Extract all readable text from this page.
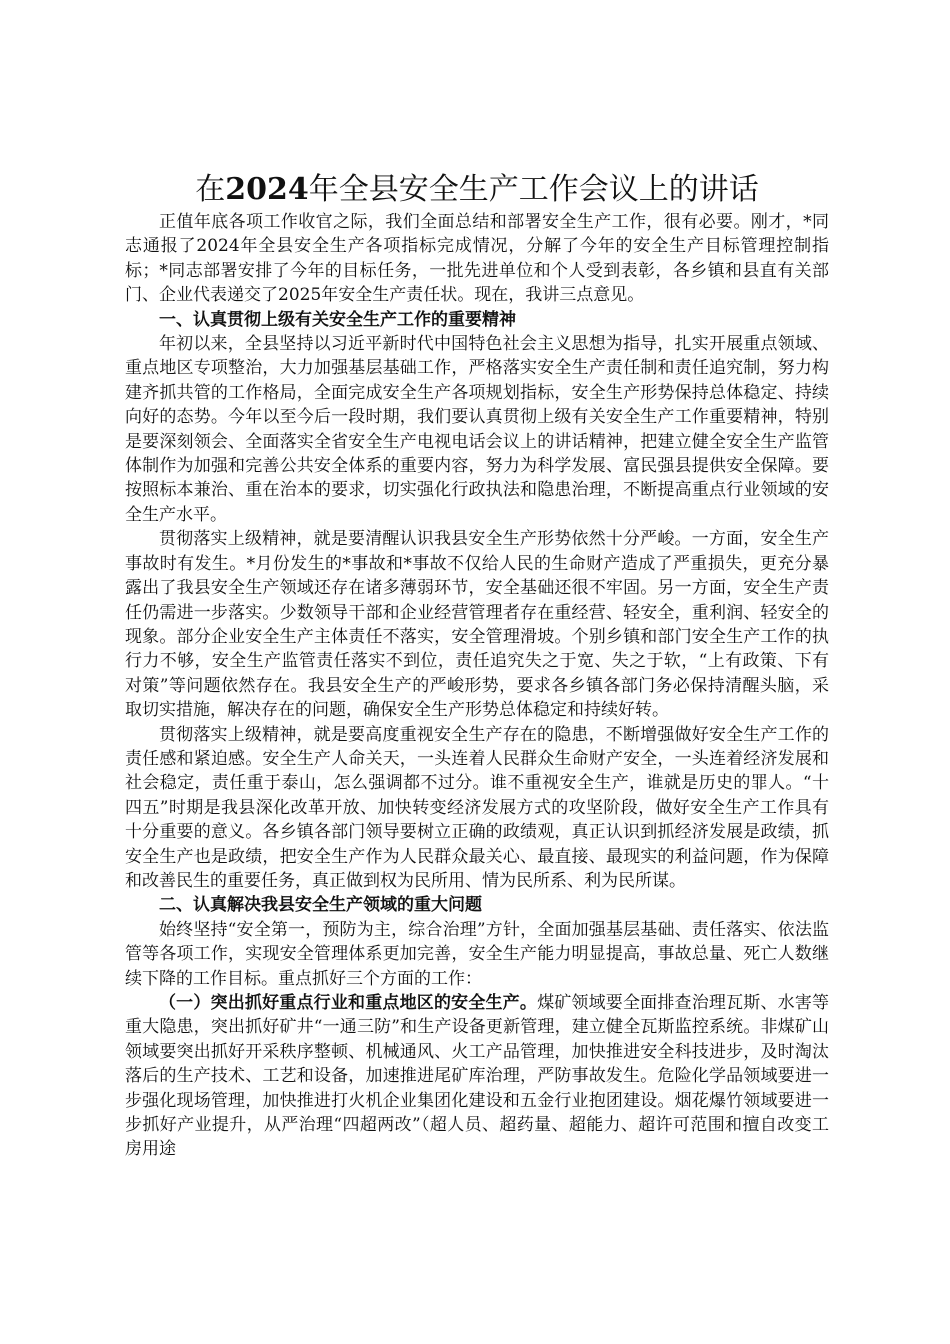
在2024年全县安全生产工作会议上的讲话

正值年底各项工作收官之际，我们全面总结和部署安全生产工作，很有必要。刚才，*同志通报了2024年全县安全生产各项指标完成情况，分解了今年的安全生产目标管理控制指标；*同志部署安排了今年的目标任务，一批先进单位和个人受到表彰，各乡镇和县直有关部门、企业代表递交了2025年安全生产责任状。现在，我讲三点意见。

一、认真贯彻上级有关安全生产工作的重要精神

年初以来，全县坚持以习近平新时代中国特色社会主义思想为指导，扎实开展重点领域、重点地区专项整治，大力加强基层基础工作，严格落实安全生产责任制和责任追究制，努力构建齐抓共管的工作格局，全面完成安全生产各项规划指标，安全生产形势保持总体稳定、持续向好的态势。今年以至今后一段时期，我们要认真贯彻上级有关安全生产工作重要精神，特别是要深刻领会、全面落实全省安全生产电视电话会议上的讲话精神，把建立健全安全生产监管体制作为加强和完善公共安全体系的重要内容，努力为科学发展、富民强县提供安全保障。要按照标本兼治、重在治本的要求，切实强化行政执法和隐患治理，不断提高重点行业领域的安全生产水平。

贯彻落实上级精神，就是要清醒认识我县安全生产形势依然十分严峻。一方面，安全生产事故时有发生。*月份发生的*事故和*事故不仅给人民的生命财产造成了严重损失，更充分暴露出了我县安全生产领域还存在诸多薄弱环节，安全基础还很不牢固。另一方面，安全生产责任仍需进一步落实。少数领导干部和企业经营管理者存在重经营、轻安全，重利润、轻安全的现象。部分企业安全生产主体责任不落实，安全管理滑坡。个别乡镇和部门安全生产工作的执行力不够，安全生产监管责任落实不到位，责任追究失之于宽、失之于软，“上有政策、下有对策”等问题依然存在。我县安全生产的严峻形势，要求各乡镇各部门务必保持清醒头脑，采取切实措施，解决存在的问题，确保安全生产形势总体稳定和持续好转。

贯彻落实上级精神，就是要高度重视安全生产存在的隐患，不断增强做好安全生产工作的责任感和紧迫感。安全生产人命关天，一头连着人民群众生命财产安全，一头连着经济发展和社会稳定，责任重于泰山，怎么强调都不过分。谁不重视安全生产，谁就是历史的罪人。“十四五”时期是我县深化改革开放、加快转变经济发展方式的攻坚阶段，做好安全生产工作具有十分重要的意义。各乡镇各部门领导要树立正确的政绩观，真正认识到抓经济发展是政绩，抓安全生产也是政绩，把安全生产作为人民群众最关心、最直接、最现实的利益问题，作为保障和改善民生的重要任务，真正做到权为民所用、情为民所系、利为民所谋。

二、认真解决我县安全生产领域的重大问题

始终坚持“安全第一，预防为主，综合治理”方针，全面加强基层基础、责任落实、依法监管等各项工作，实现安全管理体系更加完善，安全生产能力明显提高，事故总量、死亡人数继续下降的工作目标。重点抓好三个方面的工作：

（一）突出抓好重点行业和重点地区的安全生产。煤矿领域要全面排查治理瓦斯、水害等重大隐患，突出抓好矿井“一通三防”和生产设备更新管理，建立健全瓦斯监控系统。非煤矿山领域要突出抓好开采秩序整顿、机械通风、火工产品管理，加快推进安全科技进步，及时淘汰落后的生产技术、工艺和设备，加速推进尾矿库治理，严防事故发生。危险化学品领域要进一步强化现场管理，加快推进打火机企业集团化建设和五金行业抱团建设。烟花爆竹领域要进一步抓好产业提升，从严治理“四超两改”（超人员、超药量、超能力、超许可范围和擅自改变工房用途
